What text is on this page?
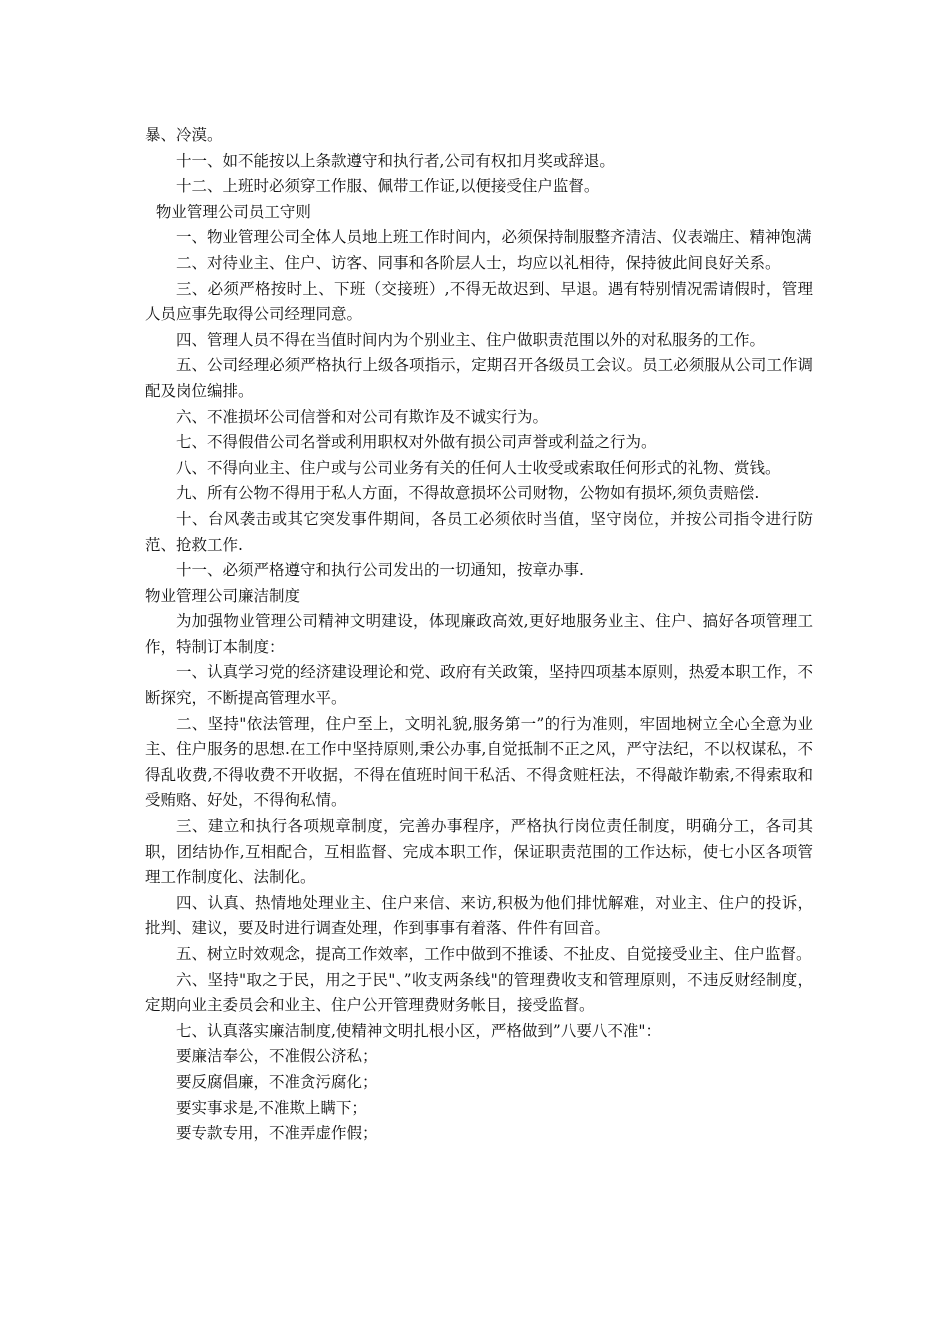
暴、冷漠。

十一、如不能按以上条款遵守和执行者,公司有权扣月奖或辞退。

十二、上班时必须穿工作服、佩带工作证,以便接受住户监督。

物业管理公司员工守则

一、物业管理公司全体人员地上班工作时间内，必须保持制服整齐清洁、仪表端庄、精神饱满

二、对待业主、住户、访客、同事和各阶层人士，均应以礼相待，保持彼此间良好关系。

三、必须严格按时上、下班（交接班）,不得无故迟到、早退。遇有特别情况需请假时，管理人员应事先取得公司经理同意。

四、管理人员不得在当值时间内为个别业主、住户做职责范围以外的对私服务的工作。

五、公司经理必须严格执行上级各项指示，定期召开各级员工会议。员工必须服从公司工作调配及岗位编排。

六、不准损坏公司信誉和对公司有欺诈及不诚实行为。

七、不得假借公司名誉或利用职权对外做有损公司声誉或利益之行为。

八、不得向业主、住户或与公司业务有关的任何人士收受或索取任何形式的礼物、赏钱。

九、所有公物不得用于私人方面，不得故意损坏公司财物，公物如有损坏,须负责赔偿.

十、台风袭击或其它突发事件期间，各员工必须依时当值，坚守岗位，并按公司指令进行防范、抢救工作.

十一、必须严格遵守和执行公司发出的一切通知，按章办事.

物业管理公司廉洁制度

为加强物业管理公司精神文明建设，体现廉政高效,更好地服务业主、住户、搞好各项管理工作，特制订本制度：

一、认真学习党的经济建设理论和党、政府有关政策，坚持四项基本原则，热爱本职工作，不断探究，不断提高管理水平。

二、坚持"依法管理，住户至上，文明礼貌,服务第一”的行为准则，牢固地树立全心全意为业主、住户服务的思想.在工作中坚持原则,秉公办事,自觉抵制不正之风，严守法纪，不以权谋私，不得乱收费,不得收费不开收据，不得在值班时间干私活、不得贪赃枉法，不得敲诈勒索,不得索取和受贿赂、好处，不得徇私情。

三、建立和执行各项规章制度，完善办事程序，严格执行岗位责任制度，明确分工，各司其职，团结协作,互相配合，互相监督、完成本职工作，保证职责范围的工作达标，使七小区各项管理工作制度化、法制化。

四、认真、热情地处理业主、住户来信、来访,积极为他们排忧解难，对业主、住户的投诉，批判、建议，要及时进行调查处理，作到事事有着落、件件有回音。

五、树立时效观念，提高工作效率，工作中做到不推诿、不扯皮、自觉接受业主、住户监督。

六、坚持"取之于民，用之于民"、”收支两条线"的管理费收支和管理原则，不违反财经制度，定期向业主委员会和业主、住户公开管理费财务帐目，接受监督。

七、认真落实廉洁制度,使精神文明扎根小区，严格做到”八要八不准"：

要廉洁奉公，不准假公济私；

要反腐倡廉，不准贪污腐化；

要实事求是,不准欺上瞒下；

要专款专用，不准弄虚作假；
